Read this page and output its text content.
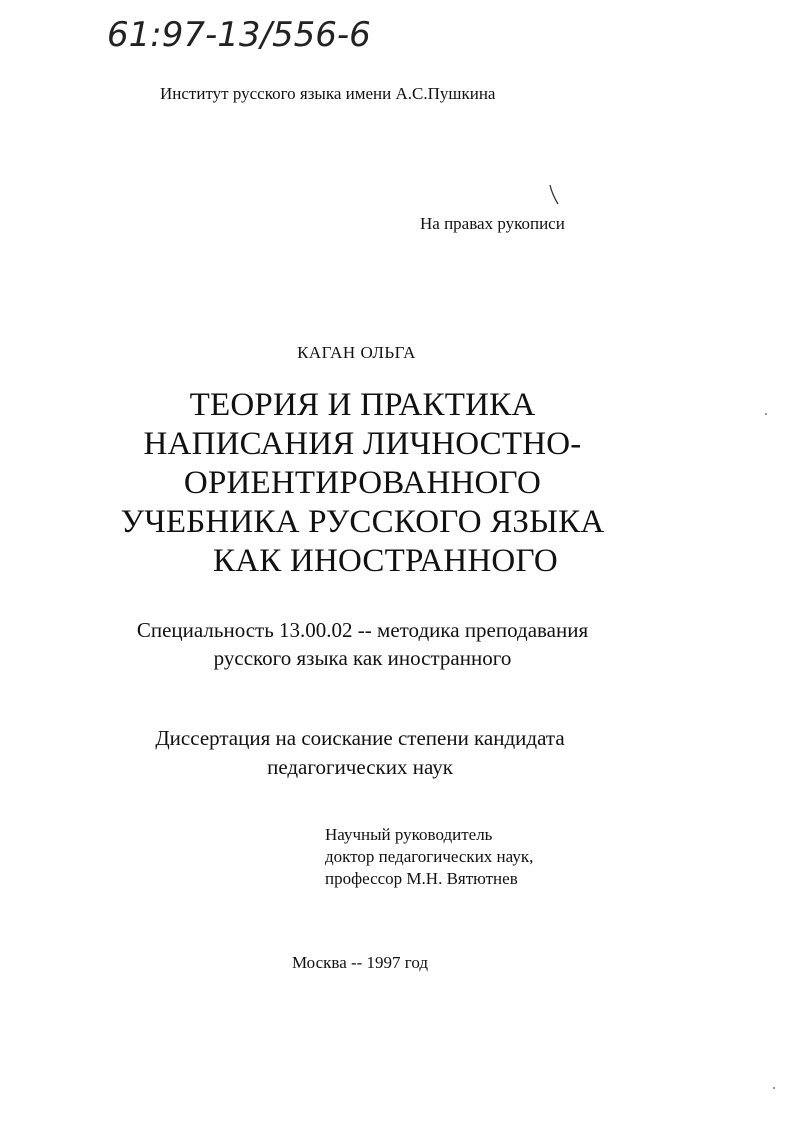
61:97-13/556-6
Институт русского языка имени А.С.Пушкина
На правах рукописи
КАГАН ОЛЬГА
ТЕОРИЯ И ПРАКТИКА
НАПИСАНИЯ ЛИЧНОСТНО-
ОРИЕНТИРОВАННОГО
УЧЕБНИКА РУССКОГО ЯЗЫКА
КАК ИНОСТРАННОГО
Специальность 13.00.02 -- методика преподавания
русского языка как иностранного
Диссертация на соискание степени кандидата
педагогических наук
Научный руководитель
доктор педагогических наук,
профессор М.Н. Вятютнев
Москва -- 1997 год
